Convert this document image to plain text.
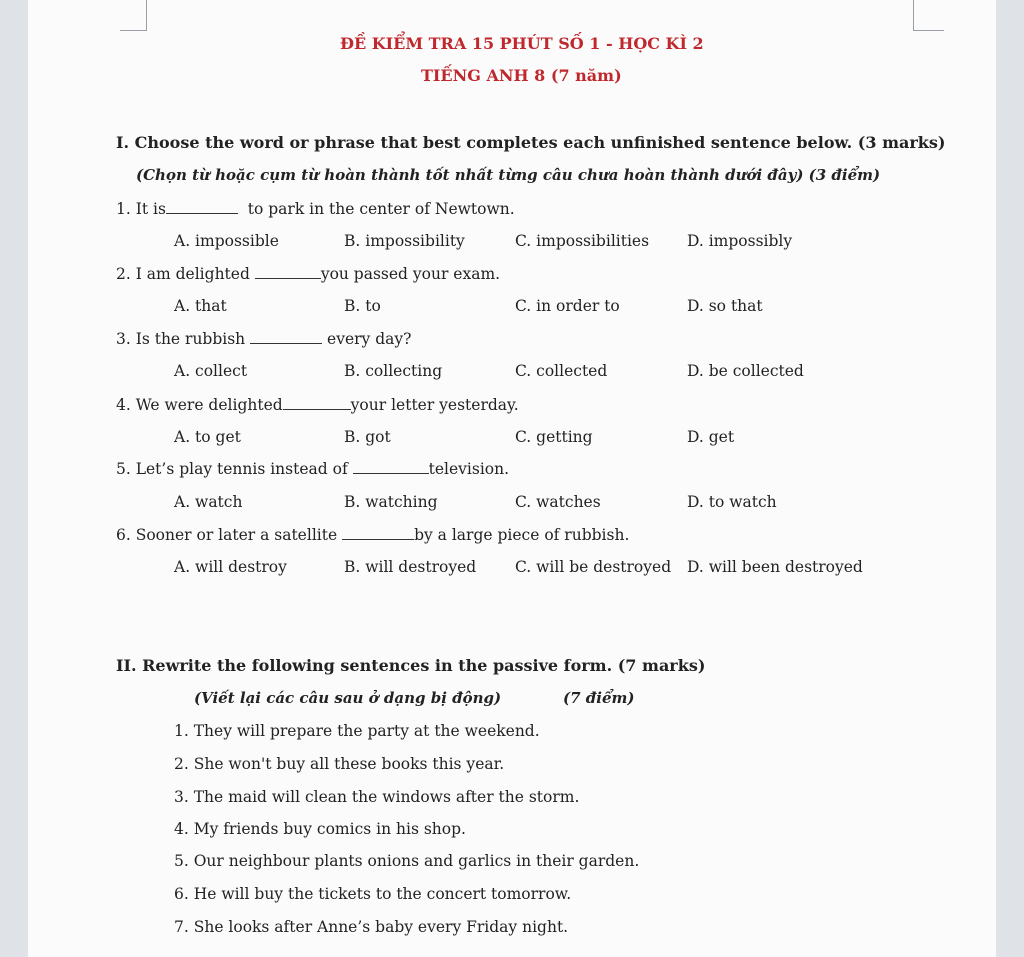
ĐỀ KIỂM TRA 15 PHÚT SỐ 1 - HỌC KÌ 2
TIẾNG ANH 8 (7 năm)
I. Choose the word or phrase that best completes each unfinished sentence below. (3 marks)
(Chọn từ hoặc cụm từ hoàn thành tốt nhất từng câu chưa hoàn thành dưới đây) (3 điểm)
1. It is	to park in the center of Newtown.
A. impossible	B. impossibility	C. impossibilities D. impossibly
2. I am delighted	you passed your exam.
A. that	B. to	C. in order to	D. so that
3. Is the rubbish	every day?
A. collect	B. collecting	C. collected	D. be collected
4. We were delighted	your letter yesterday.
A. to get	B. got	C. getting	D. get
5. Let’s play tennis instead of	television.
A. watch	B. watching	C. watches	D. to watch
6. Sooner or later a satellite	by a large piece of rubbish.
A. will destroy	B. will destroyed	C. will be destroyed D. will been destroyed
II. Rewrite the following sentences in the passive form. (7 marks)
(Viết lại các câu sau ở dạng bị động)	(7 điểm)
1. They will prepare the party at the weekend.
2. She won't buy all these books this year.
3. The maid will clean the windows after the storm.
4. My friends buy comics in his shop.
5. Our neighbour plants onions and garlics in their garden.
6. He will buy the tickets to the concert tomorrow.
7. She looks after Anne’s baby every Friday night.
